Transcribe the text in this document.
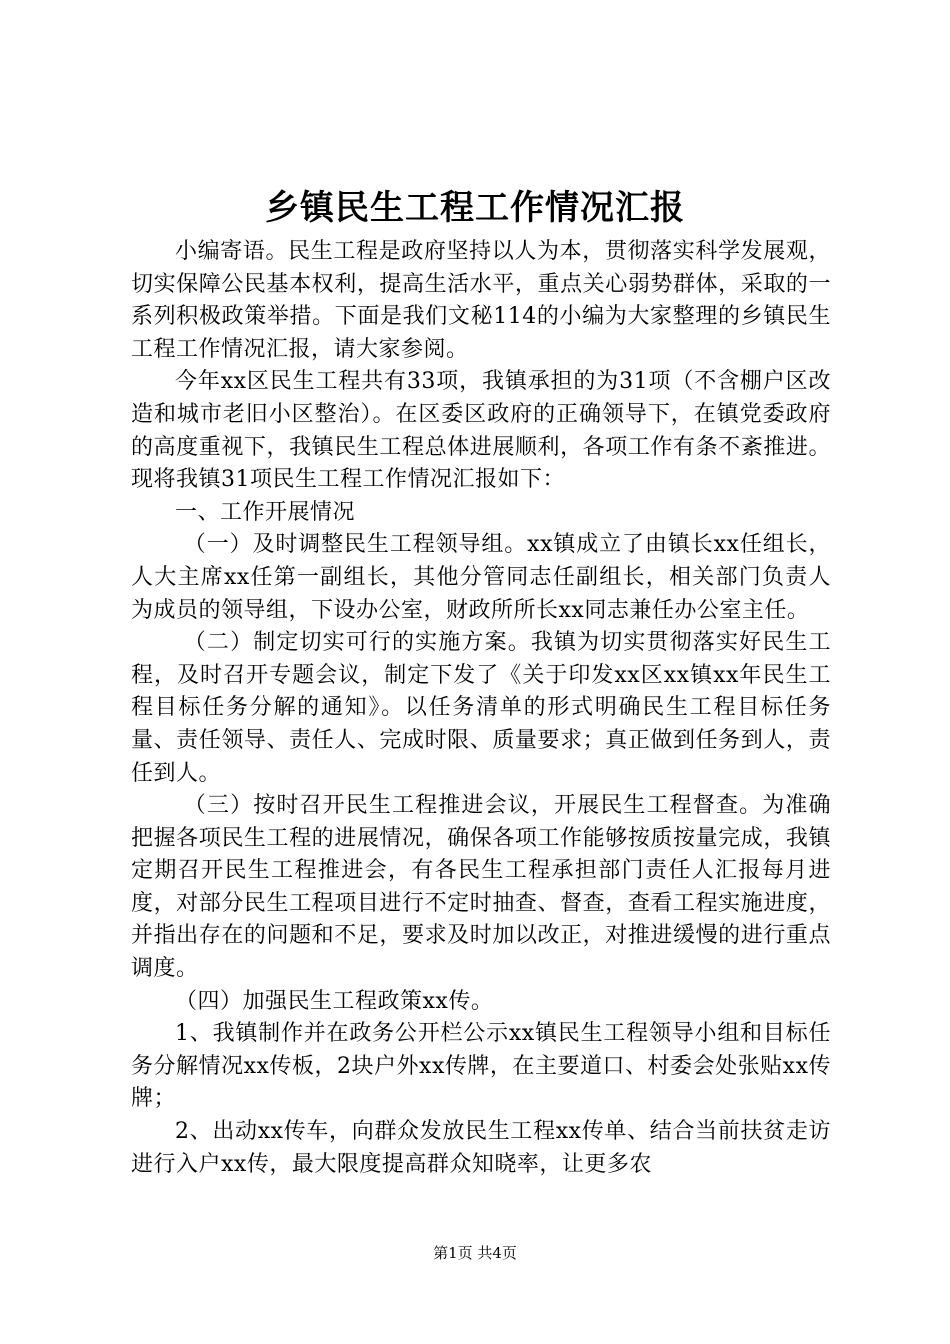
乡镇民生工程工作情况汇报

小编寄语。民生工程是政府坚持以人为本，贯彻落实科学发展观，切实保障公民基本权利，提高生活水平，重点关心弱势群体，采取的一系列积极政策举措。下面是我们文秘114的小编为大家整理的乡镇民生工程工作情况汇报，请大家参阅。

今年xx区民生工程共有33项，我镇承担的为31项（不含棚户区改造和城市老旧小区整治）。在区委区政府的正确领导下，在镇党委政府的高度重视下，我镇民生工程总体进展顺利，各项工作有条不紊推进。现将我镇31项民生工程工作情况汇报如下：

一、工作开展情况

（一）及时调整民生工程领导组。xx镇成立了由镇长xx任组长，人大主席xx任第一副组长，其他分管同志任副组长，相关部门负责人为成员的领导组，下设办公室，财政所所长xx同志兼任办公室主任。

（二）制定切实可行的实施方案。我镇为切实贯彻落实好民生工程，及时召开专题会议，制定下发了《关于印发xx区xx镇xx年民生工程目标任务分解的通知》。以任务清单的形式明确民生工程目标任务量、责任领导、责任人、完成时限、质量要求；真正做到任务到人，责任到人。

（三）按时召开民生工程推进会议，开展民生工程督查。为准确把握各项民生工程的进展情况，确保各项工作能够按质按量完成，我镇定期召开民生工程推进会，有各民生工程承担部门责任人汇报每月进度，对部分民生工程项目进行不定时抽查、督查，查看工程实施进度，并指出存在的问题和不足，要求及时加以改正，对推进缓慢的进行重点调度。

（四）加强民生工程政策xx传。

1、我镇制作并在政务公开栏公示xx镇民生工程领导小组和目标任务分解情况xx传板，2块户外xx传牌，在主要道口、村委会处张贴xx传牌；

2、出动xx传车，向群众发放民生工程xx传单、结合当前扶贫走访进行入户xx传，最大限度提高群众知晓率，让更多农

第1页 共4页
